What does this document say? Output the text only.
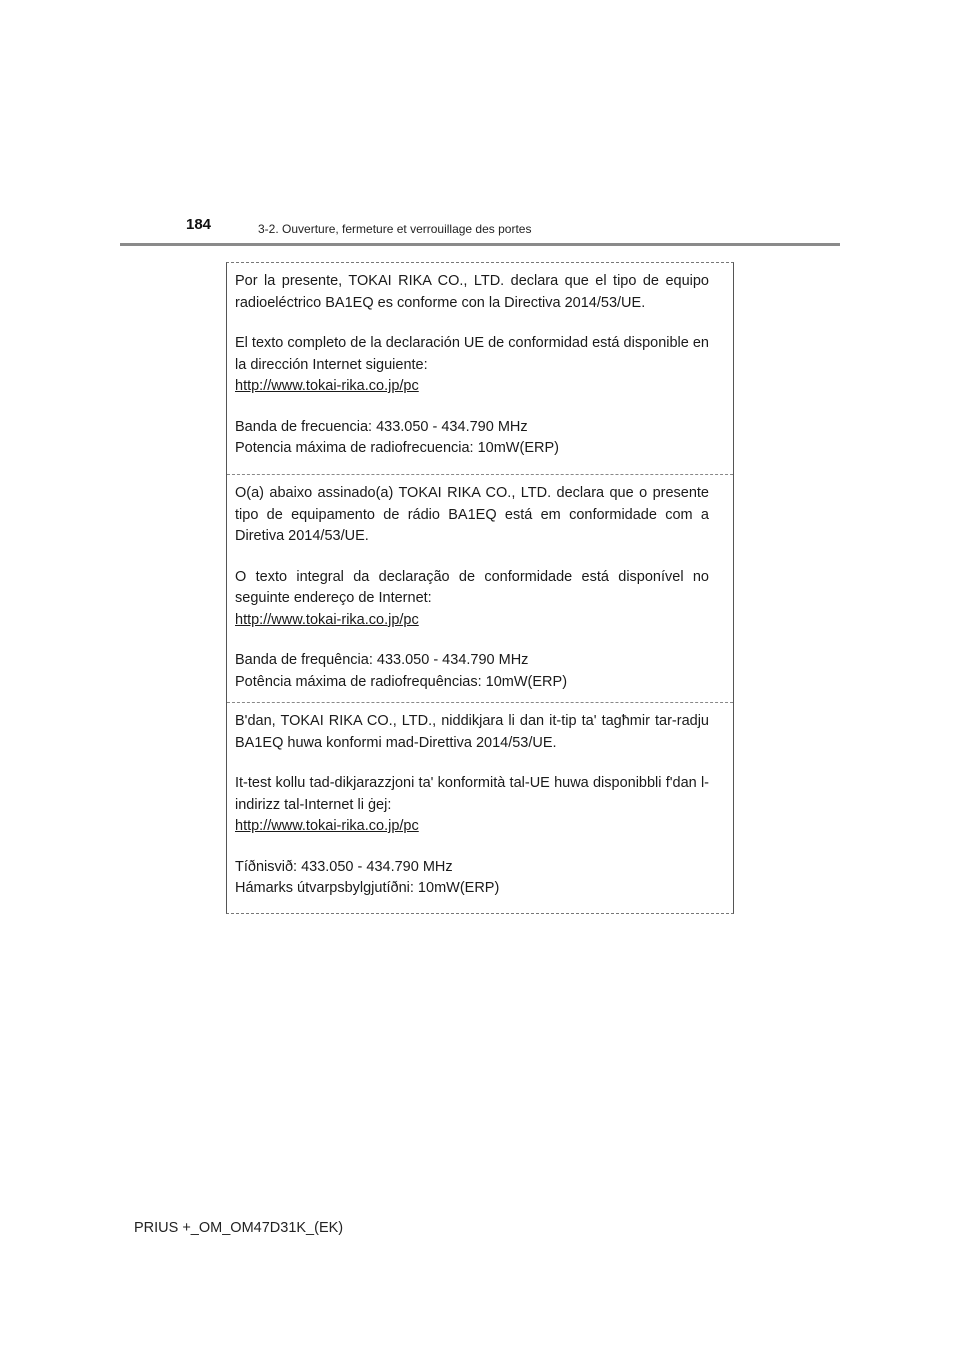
184	3-2. Ouverture, fermeture et verrouillage des portes

Por la presente, TOKAI RIKA CO., LTD. declara que el tipo de equipo radioeléctrico BA1EQ es conforme con la Directiva 2014/53/UE.

El texto completo de la declaración UE de conformidad está disponible en la dirección Internet siguiente:

http://www.tokai-rika.co.jp/pc

Banda de frecuencia: 433.050 - 434.790 MHz

Potencia máxima de radiofrecuencia: 10mW(ERP)

O(a) abaixo assinado(a) TOKAI RIKA CO., LTD. declara que o presente tipo de equipamento de rádio BA1EQ está em conformidade com a Diretiva 2014/53/UE.

O texto integral da declaração de conformidade está disponível no seguinte endereço de Internet:

http://www.tokai-rika.co.jp/pc

Banda de frequência: 433.050 - 434.790 MHz

Potência máxima de radiofrequências: 10mW(ERP)

B'dan, TOKAI RIKA CO., LTD., niddikjara li dan it-tip ta' tagħmir tar-radju BA1EQ huwa konformi mad-Direttiva 2014/53/UE.

It-test kollu tad-dikjarazzjoni ta' konformità tal-UE huwa disponibbli f'dan l-indirizz tal-Internet li ġej:

http://www.tokai-rika.co.jp/pc

Tíðnisvið: 433.050 - 434.790 MHz

Hámarks útvarpsbylgjutíðni: 10mW(ERP)

PRIUS +_OM_OM47D31K_(EK)
